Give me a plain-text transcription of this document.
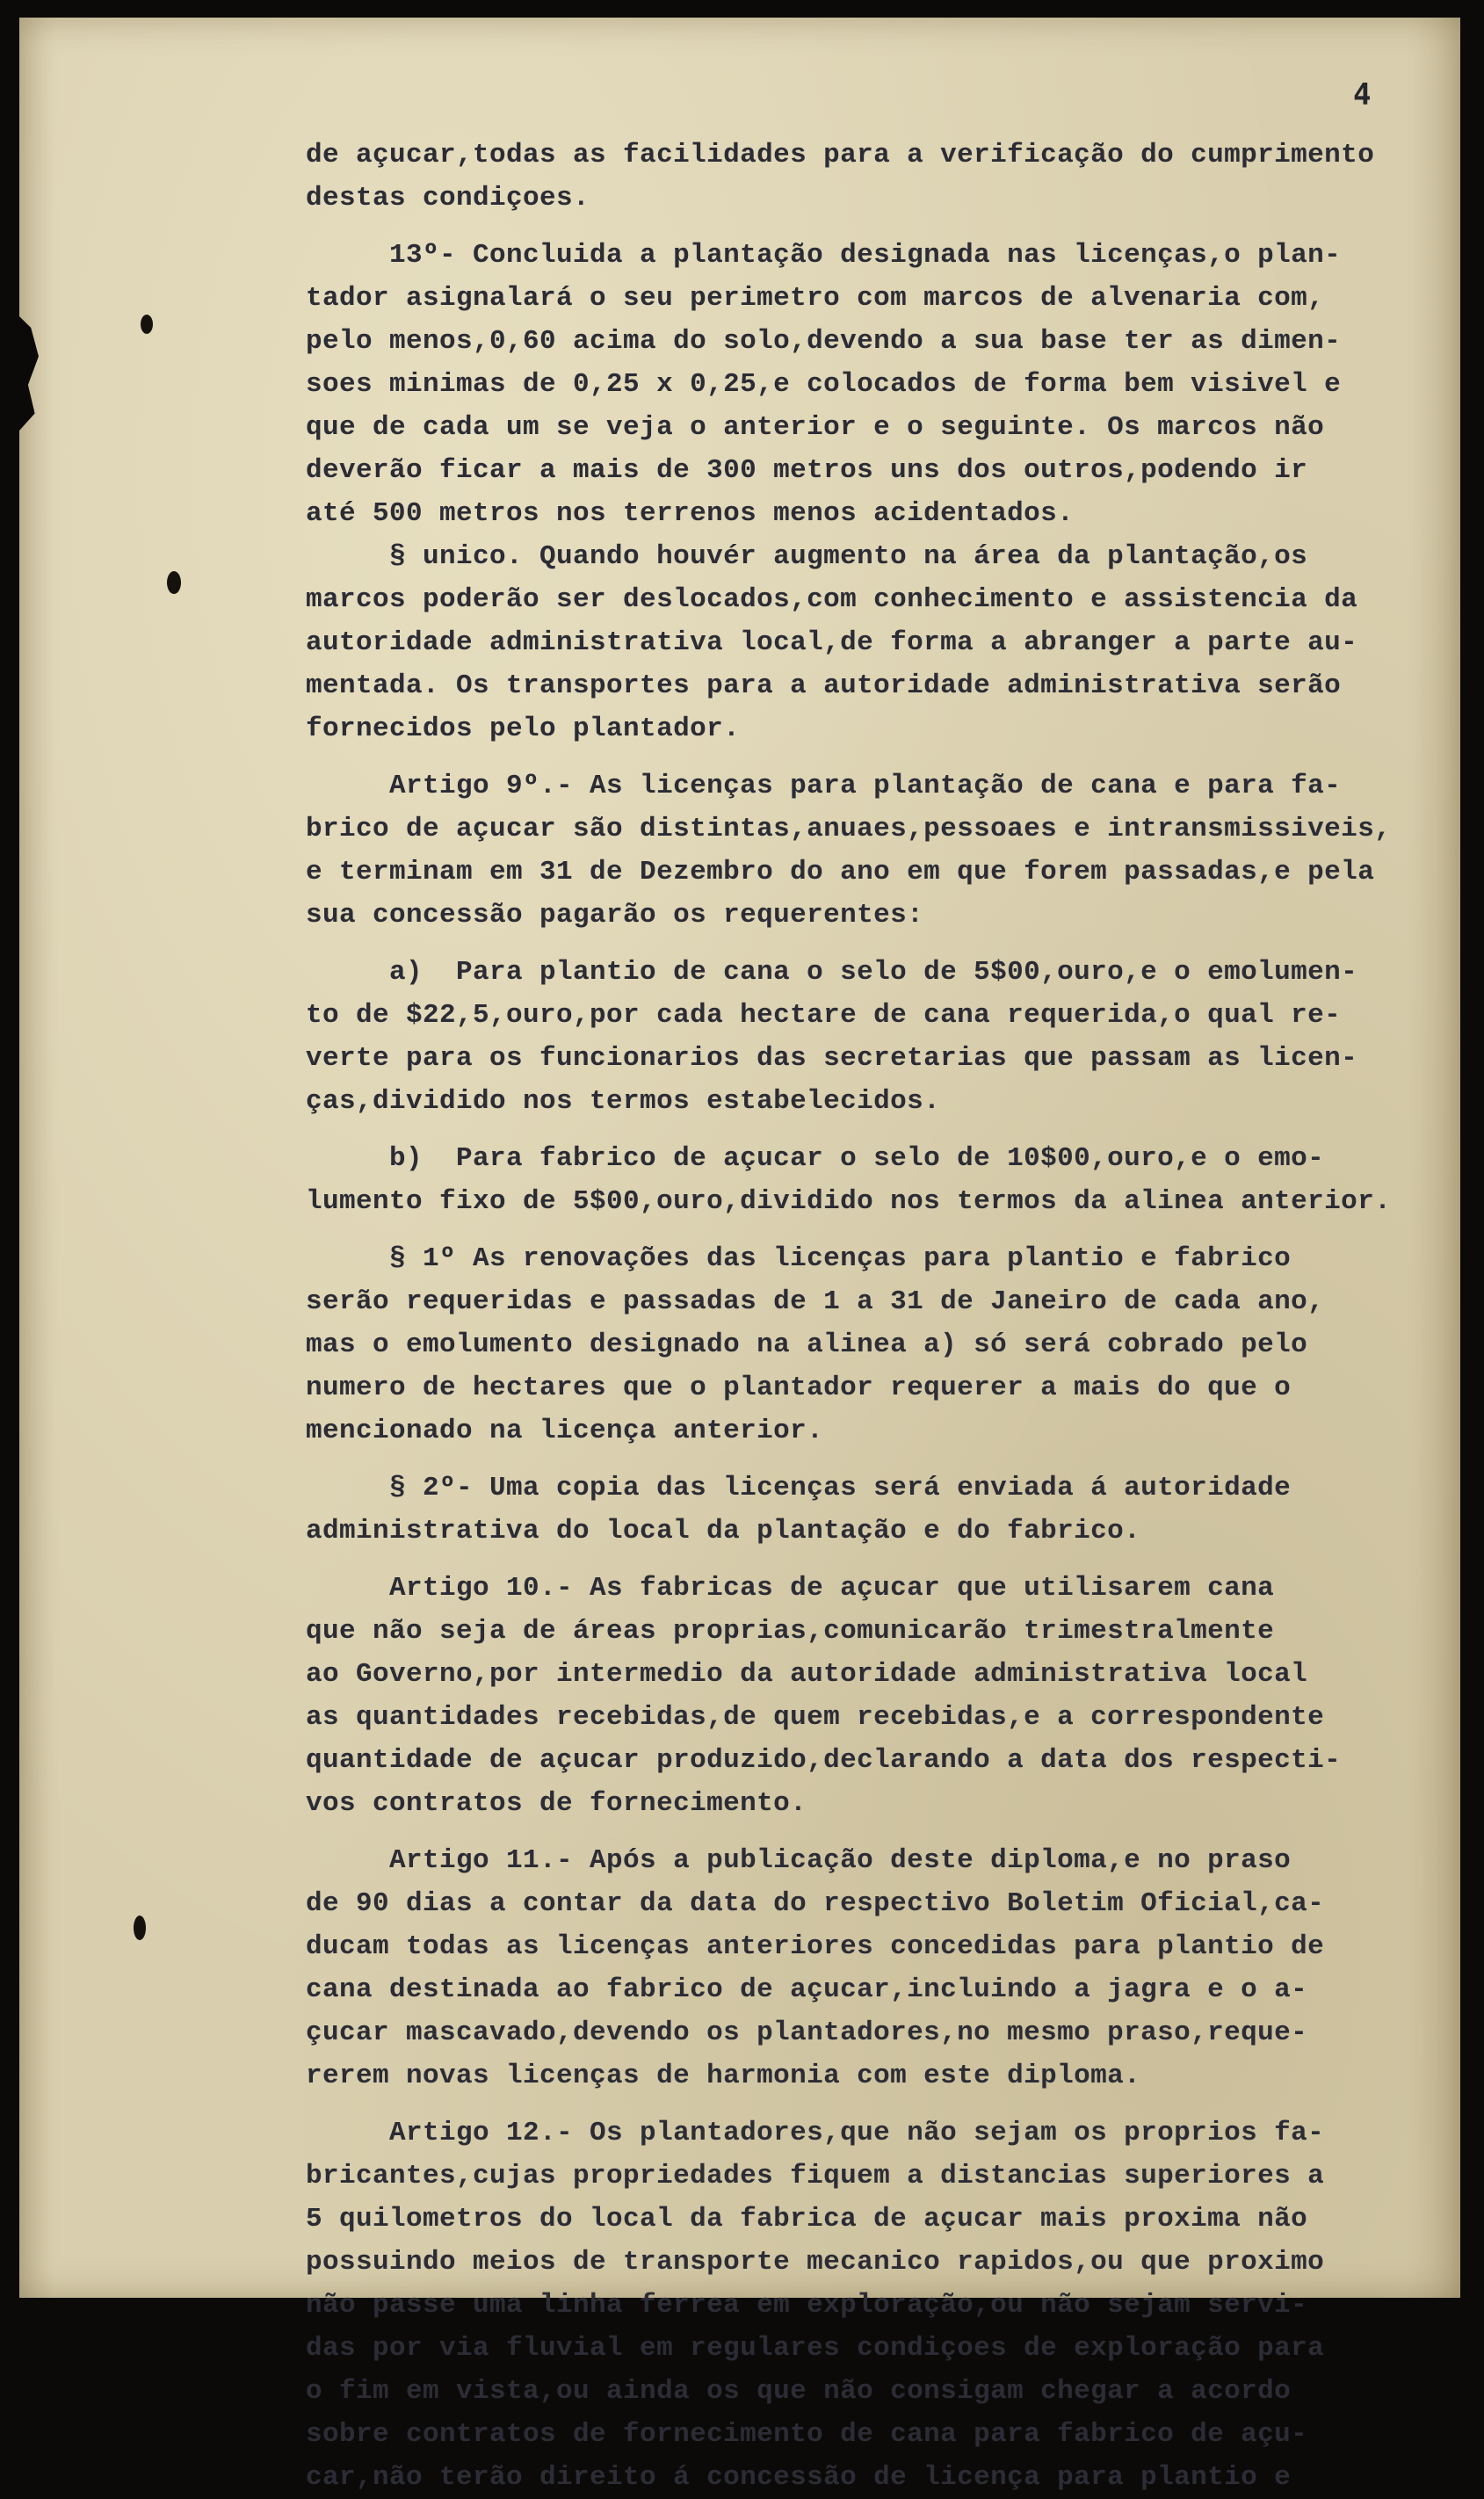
4

de açucar,todas as facilidades para a verificação do cumprimento
destas condiçoes.
13º- Concluida a plantação designada nas licenças,o plan-
tador asignalará o seu perimetro com marcos de alvenaria com,
pelo menos,0,60 acima do solo,devendo a sua base ter as dimen-
soes minimas de 0,25 x 0,25,e colocados de forma bem visivel e
que de cada um se veja o anterior e o seguinte. Os marcos não
deverão ficar a mais de 300 metros uns dos outros,podendo ir
até 500 metros nos terrenos menos acidentados.
§ unico. Quando houvér augmento na área da plantação,os
marcos poderão ser deslocados,com conhecimento e assistencia da
autoridade administrativa local,de forma a abranger a parte au-
mentada. Os transportes para a autoridade administrativa serão
fornecidos pelo plantador.
Artigo 9º.- As licenças para plantação de cana e para fa-
brico de açucar são distintas,anuaes,pessoaes e intransmissiveis,
e terminam em 31 de Dezembro do ano em que forem passadas,e pela
sua concessão pagarão os requerentes:
a)  Para plantio de cana o selo de 5$00,ouro,e o emolumen-
to de $22,5,ouro,por cada hectare de cana requerida,o qual re-
verte para os funcionarios das secretarias que passam as licen-
ças,dividido nos termos estabelecidos.
b)  Para fabrico de açucar o selo de 10$00,ouro,e o emo-
lumento fixo de 5$00,ouro,dividido nos termos da alinea anterior.
§ 1º As renovações das licenças para plantio e fabrico
serão requeridas e passadas de 1 a 31 de Janeiro de cada ano,
mas o emolumento designado na alinea a) só será cobrado pelo
numero de hectares que o plantador requerer a mais do que o
mencionado na licença anterior.
§ 2º- Uma copia das licenças será enviada á autoridade
administrativa do local da plantação e do fabrico.
Artigo 10.- As fabricas de açucar que utilisarem cana
que não seja de áreas proprias,comunicarão trimestralmente
ao Governo,por intermedio da autoridade administrativa local
as quantidades recebidas,de quem recebidas,e a correspondente
quantidade de açucar produzido,declarando a data dos respecti-
vos contratos de fornecimento.
Artigo 11.- Após a publicação deste diploma,e no praso
de 90 dias a contar da data do respectivo Boletim Oficial,ca-
ducam todas as licenças anteriores concedidas para plantio de
cana destinada ao fabrico de açucar,incluindo a jagra e o a-
çucar mascavado,devendo os plantadores,no mesmo praso,reque-
rerem novas licenças de harmonia com este diploma.
Artigo 12.- Os plantadores,que não sejam os proprios fa-
bricantes,cujas propriedades fiquem a distancias superiores a
5 quilometros do local da fabrica de açucar mais proxima não
possuindo meios de transporte mecanico rapidos,ou que proximo
não passe uma linha ferrea em exploração,ou não sejam servi-
das por via fluvial em regulares condiçoes de exploração para
o fim em vista,ou ainda os que não consigam chegar a acordo
sobre contratos de fornecimento de cana para fabrico de açu-
car,não terão direito á concessão de licença para plantio e
